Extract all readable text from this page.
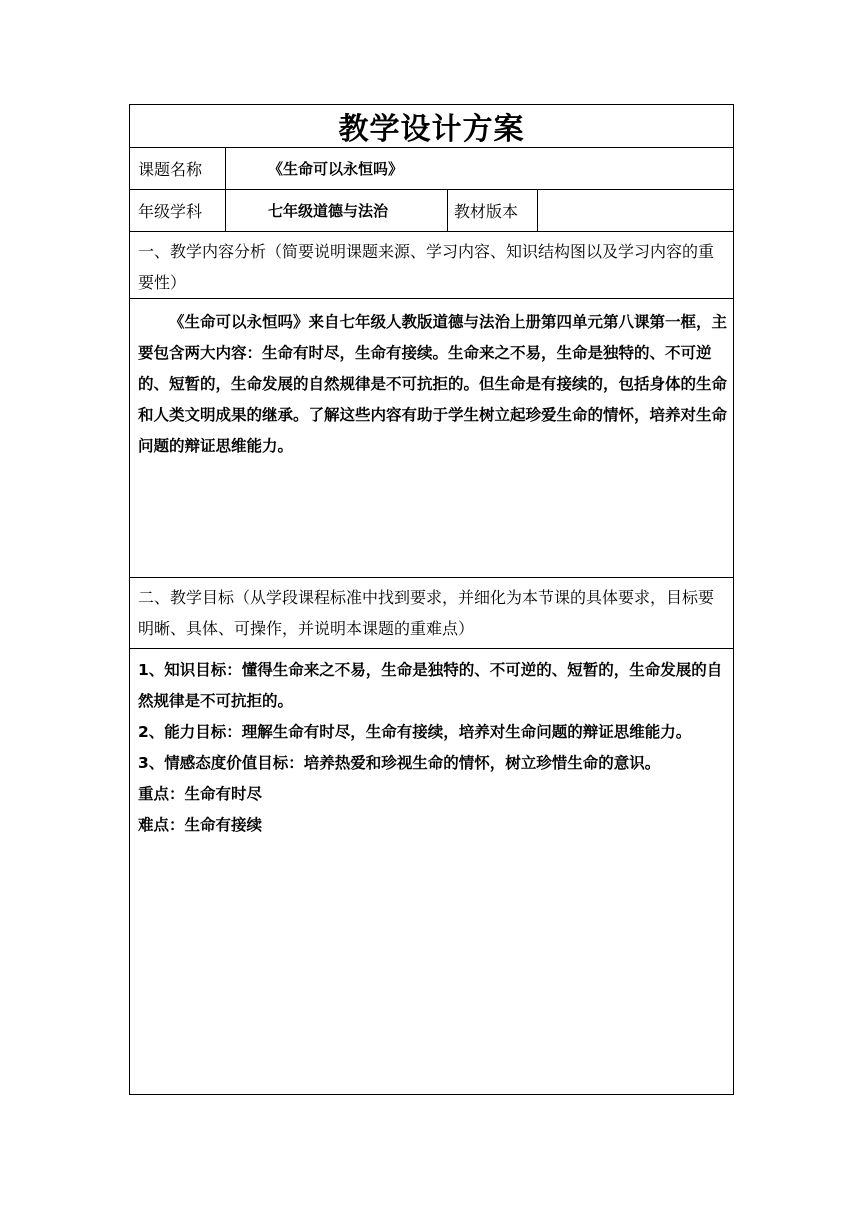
教学设计方案
课题名称	《生命可以永恒吗》
年级学科	七年级道德与法治	教材版本

一、教学内容分析（简要说明课题来源、学习内容、知识结构图以及学习内容的重要性）

《生命可以永恒吗》来自七年级人教版道德与法治上册第四单元第八课第一框，主要包含两大内容：生命有时尽，生命有接续。生命来之不易，生命是独特的、不可逆的、短暂的，生命发展的自然规律是不可抗拒的。但生命是有接续的，包括身体的生命和人类文明成果的继承。了解这些内容有助于学生树立起珍爱生命的情怀，培养对生命问题的辩证思维能力。

二、教学目标（从学段课程标准中找到要求，并细化为本节课的具体要求，目标要明晰、具体、可操作，并说明本课题的重难点）

1、知识目标：懂得生命来之不易，生命是独特的、不可逆的、短暂的，生命发展的自然规律是不可抗拒的。

2、能力目标：理解生命有时尽，生命有接续，培养对生命问题的辩证思维能力。

3、情感态度价值目标：培养热爱和珍视生命的情怀，树立珍惜生命的意识。

重点：生命有时尽

难点：生命有接续
